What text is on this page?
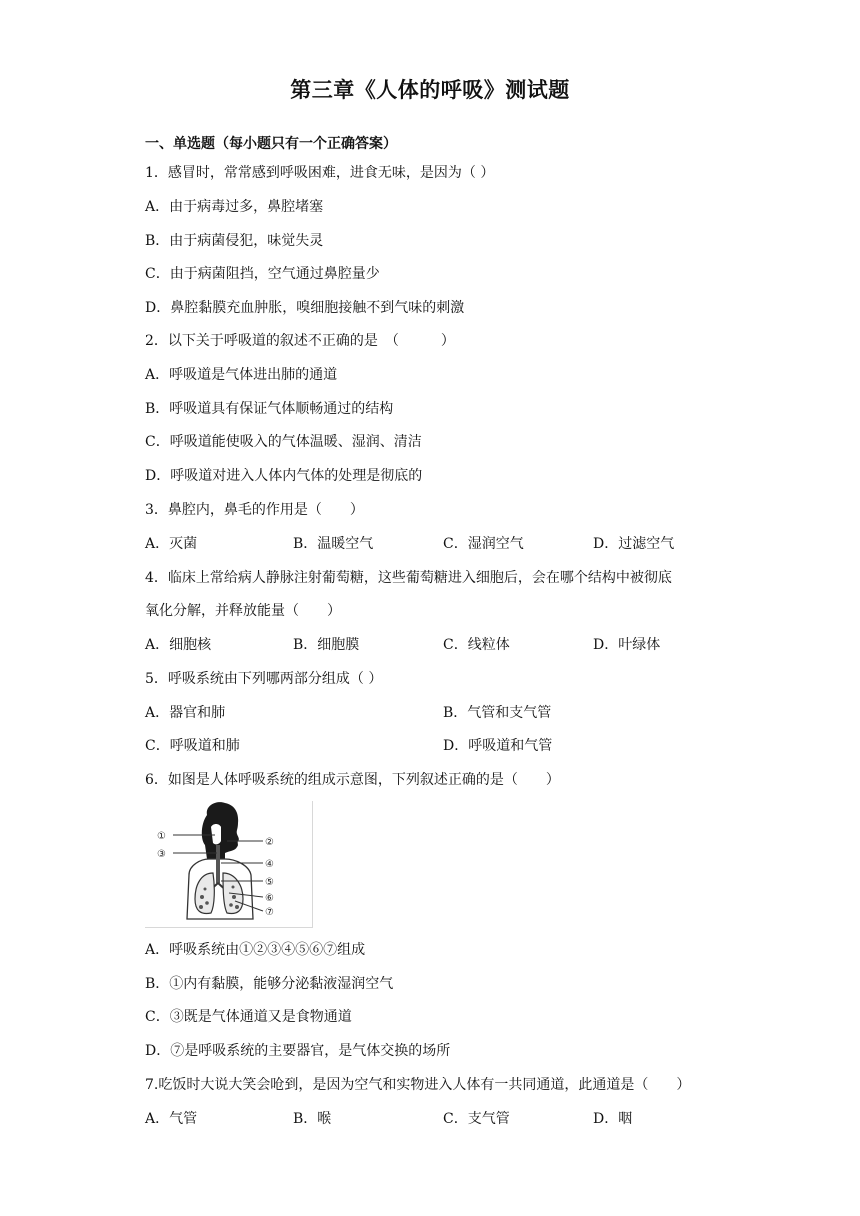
第三章《人体的呼吸》测试题
一、单选题（每小题只有一个正确答案）
1．感冒时，常常感到呼吸困难，进食无味，是因为（ ）
A．由于病毒过多，鼻腔堵塞
B．由于病菌侵犯，味觉失灵
C．由于病菌阻挡，空气通过鼻腔量少
D．鼻腔黏膜充血肿胀，嗅细胞接触不到气味的刺激
2．以下关于呼吸道的叙述不正确的是　（　　　）
A．呼吸道是气体进出肺的通道
B．呼吸道具有保证气体顺畅通过的结构
C．呼吸道能使吸入的气体温暖、湿润、清洁
D．呼吸道对进入人体内气体的处理是彻底的
3．鼻腔内，鼻毛的作用是（　　）
A．灭菌	B．温暖空气	C．湿润空气	D．过滤空气
4．临床上常给病人静脉注射葡萄糖，这些葡萄糖进入细胞后，会在哪个结构中被彻底
氧化分解，并释放能量（　　）
A．细胞核	B．细胞膜	C．线粒体	D．叶绿体
5．呼吸系统由下列哪两部分组成（ ）
A．器官和肺	B．气管和支气管
C．呼吸道和肺	D．呼吸道和气管
6．如图是人体呼吸系统的组成示意图，下列叙述正确的是（　　）
①
③
②
④
⑤
⑥
⑦
A．呼吸系统由①②③④⑤⑥⑦组成
B．①内有黏膜，能够分泌黏液湿润空气
C．③既是气体通道又是食物通道
D．⑦是呼吸系统的主要器官，是气体交换的场所
7.吃饭时大说大笑会呛到，是因为空气和实物进入人体有一共同通道，此通道是（　　）
A．气管	B．喉	C．支气管	D．咽
